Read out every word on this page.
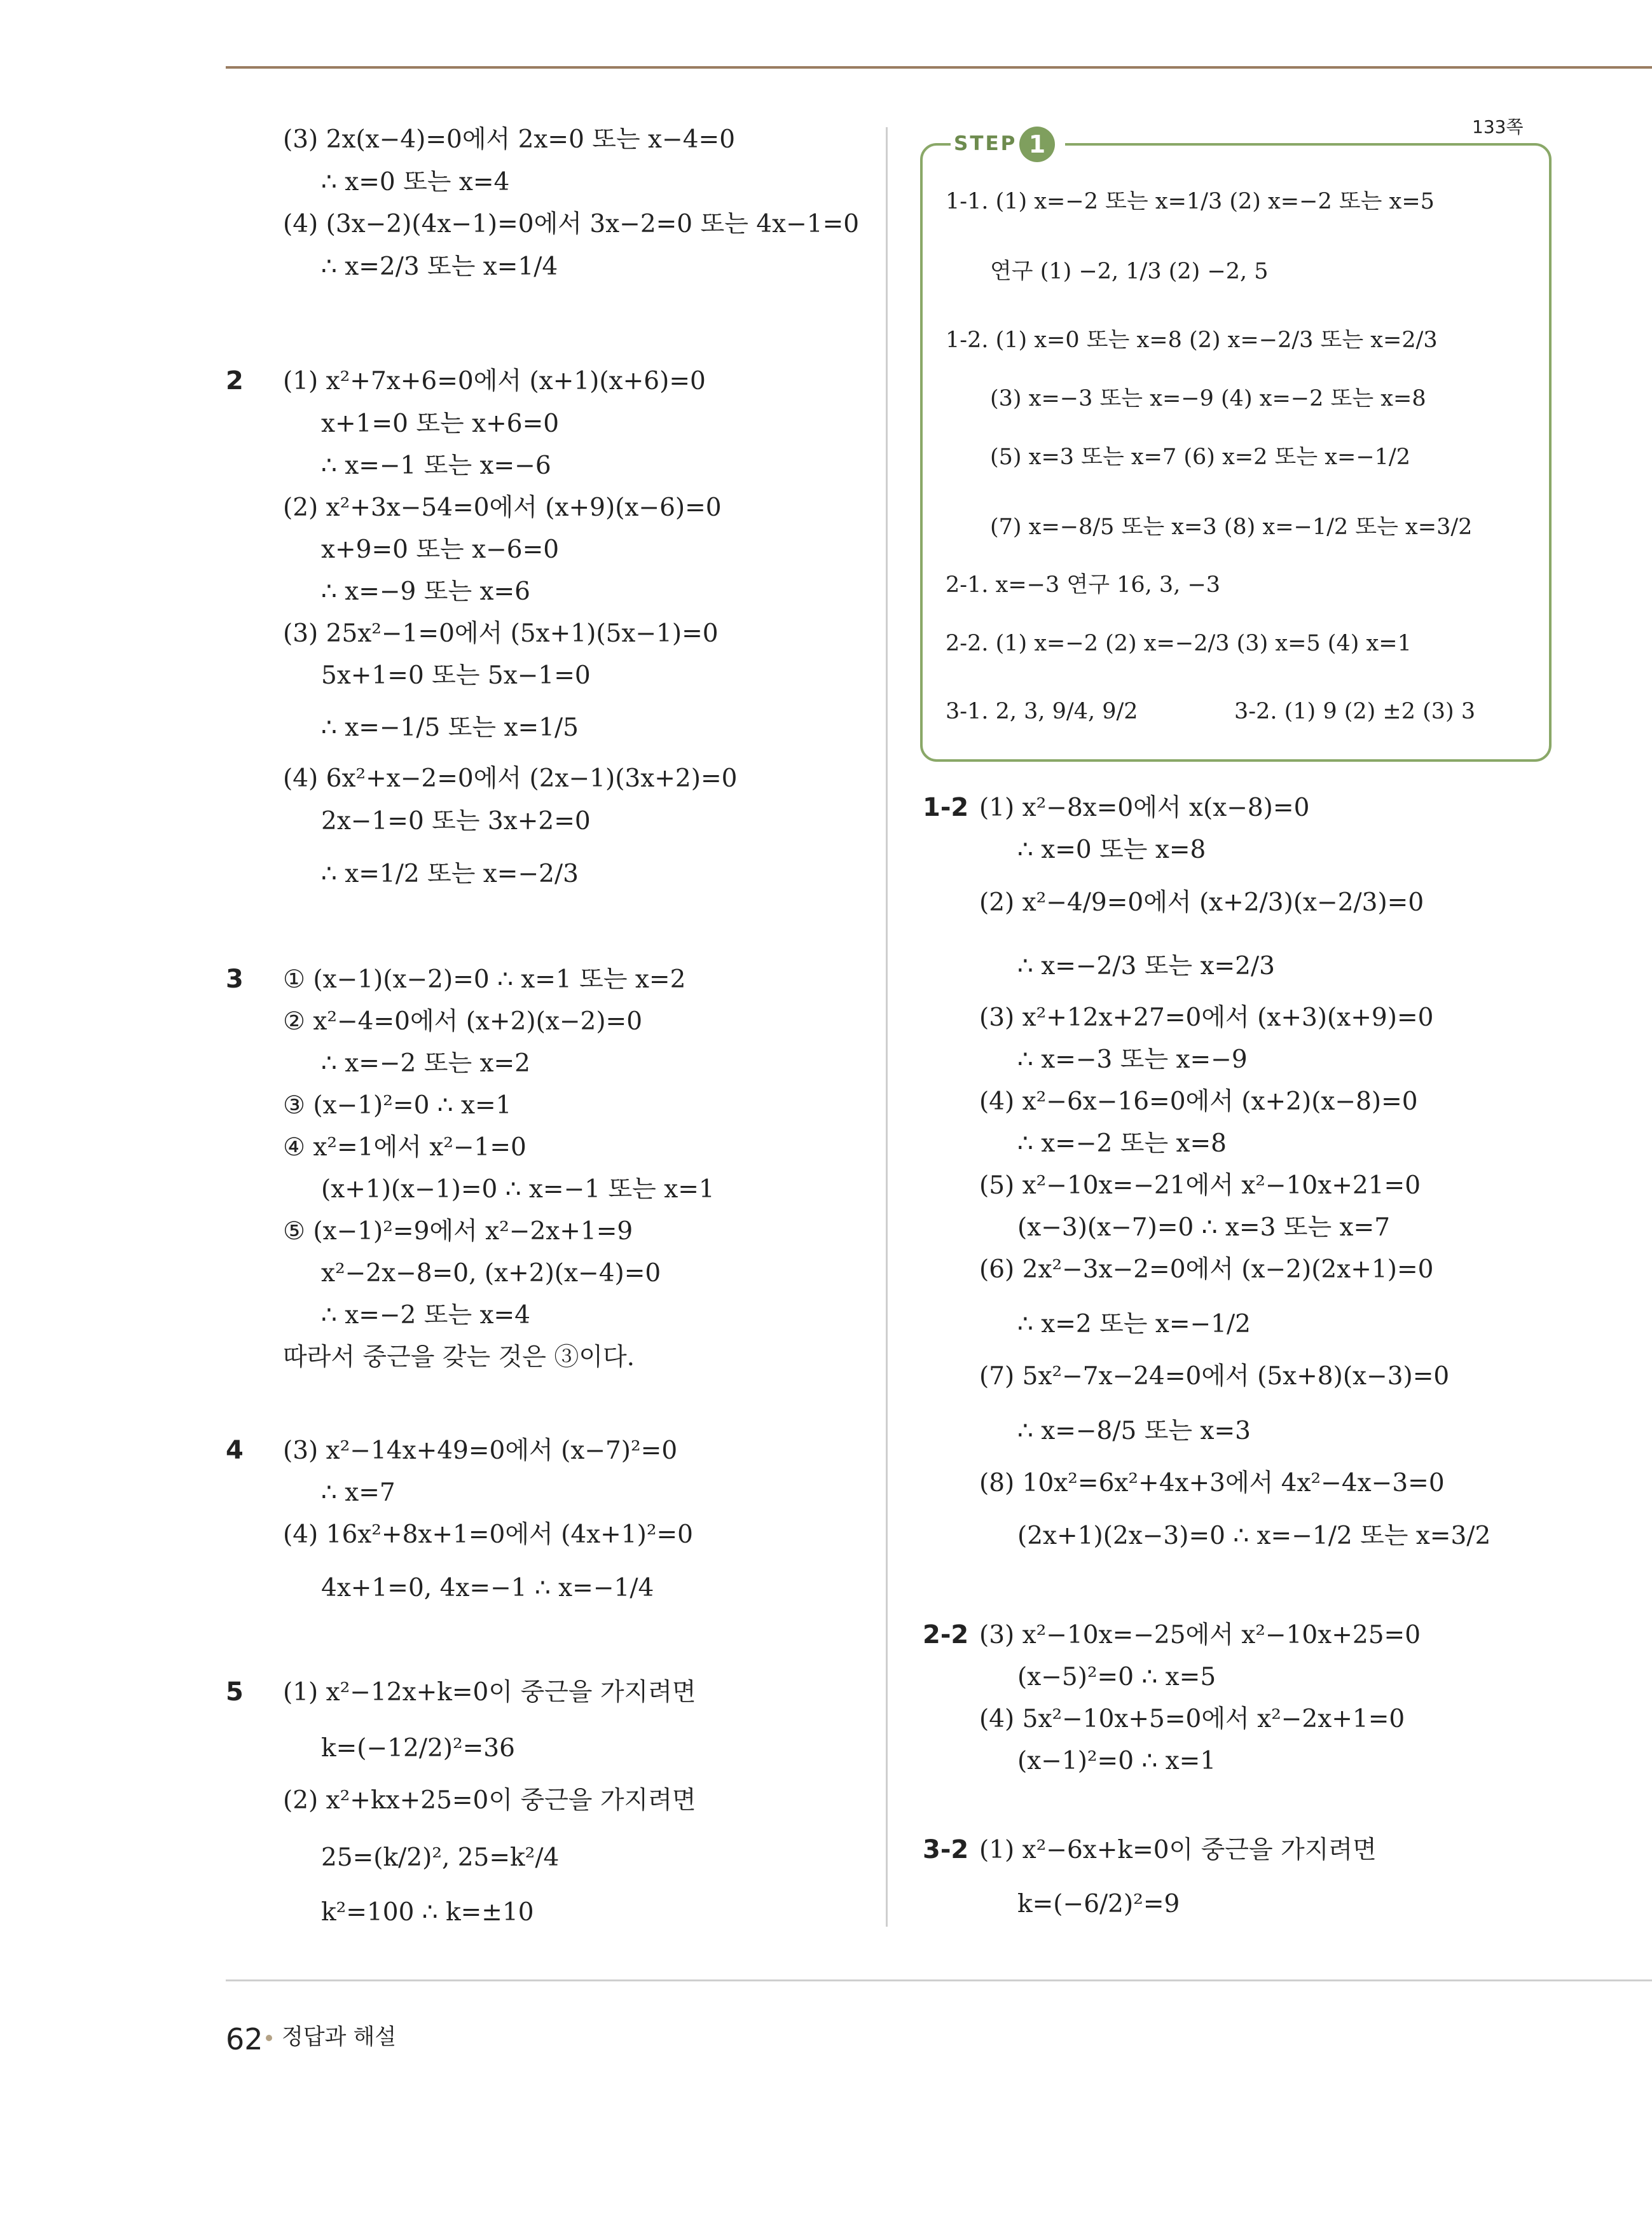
(3) 2x(x−4)=0에서 2x=0 또는 x−4=0
∴ x=0 또는 x=4
(4) (3x−2)(4x−1)=0에서 3x−2=0 또는 4x−1=0
∴ x=2/3 또는 x=1/4
2 (1) x²+7x+6=0에서 (x+1)(x+6)=0
x+1=0 또는 x+6=0
∴ x=−1 또는 x=−6
(2) x²+3x−54=0에서 (x+9)(x−6)=0
x+9=0 또는 x−6=0
∴ x=−9 또는 x=6
(3) 25x²−1=0에서 (5x+1)(5x−1)=0
5x+1=0 또는 5x−1=0
∴ x=−1/5 또는 x=1/5
(4) 6x²+x−2=0에서 (2x−1)(3x+2)=0
2x−1=0 또는 3x+2=0
∴ x=1/2 또는 x=−2/3
3 ① (x−1)(x−2)=0 ∴ x=1 또는 x=2
② x²−4=0에서 (x+2)(x−2)=0
∴ x=−2 또는 x=2
③ (x−1)²=0 ∴ x=1
④ x²=1에서 x²−1=0
(x+1)(x−1)=0 ∴ x=−1 또는 x=1
⑤ (x−1)²=9에서 x²−2x+1=9
x²−2x−8=0, (x+2)(x−4)=0
∴ x=−2 또는 x=4
따라서 중근을 갖는 것은 ③이다.
4 (3) x²−14x+49=0에서 (x−7)²=0
∴ x=7
(4) 16x²+8x+1=0에서 (4x+1)²=0
4x+1=0, 4x=−1 ∴ x=−1/4
5 (1) x²−12x+k=0이 중근을 가지려면
k=(−12/2)²=36
(2) x²+kx+25=0이 중근을 가지려면
25=(k/2)², 25=k²/4
k²=100 ∴ k=±10
133쪽
STEP 1
1-1. (1) x=−2 또는 x=1/3 (2) x=−2 또는 x=5
연구 (1) −2, 1/3 (2) −2, 5
1-2. (1) x=0 또는 x=8 (2) x=−2/3 또는 x=2/3
(3) x=−3 또는 x=−9 (4) x=−2 또는 x=8
(5) x=3 또는 x=7 (6) x=2 또는 x=−1/2
(7) x=−8/5 또는 x=3 (8) x=−1/2 또는 x=3/2
2-1. x=−3 연구 16, 3, −3
2-2. (1) x=−2 (2) x=−2/3 (3) x=5 (4) x=1
3-1. 2, 3, 9/4, 9/2	3-2. (1) 9 (2) ±2 (3) 3
1-2 (1) x²−8x=0에서 x(x−8)=0
∴ x=0 또는 x=8
(2) x²−4/9=0에서 (x+2/3)(x−2/3)=0
∴ x=−2/3 또는 x=2/3
(3) x²+12x+27=0에서 (x+3)(x+9)=0
∴ x=−3 또는 x=−9
(4) x²−6x−16=0에서 (x+2)(x−8)=0
∴ x=−2 또는 x=8
(5) x²−10x=−21에서 x²−10x+21=0
(x−3)(x−7)=0 ∴ x=3 또는 x=7
(6) 2x²−3x−2=0에서 (x−2)(2x+1)=0
∴ x=2 또는 x=−1/2
(7) 5x²−7x−24=0에서 (5x+8)(x−3)=0
∴ x=−8/5 또는 x=3
(8) 10x²=6x²+4x+3에서 4x²−4x−3=0
(2x+1)(2x−3)=0 ∴ x=−1/2 또는 x=3/2
2-2 (3) x²−10x=−25에서 x²−10x+25=0
(x−5)²=0 ∴ x=5
(4) 5x²−10x+5=0에서 x²−2x+1=0
(x−1)²=0 ∴ x=1
3-2 (1) x²−6x+k=0이 중근을 가지려면
k=(−6/2)²=9
62 정답과 해설
